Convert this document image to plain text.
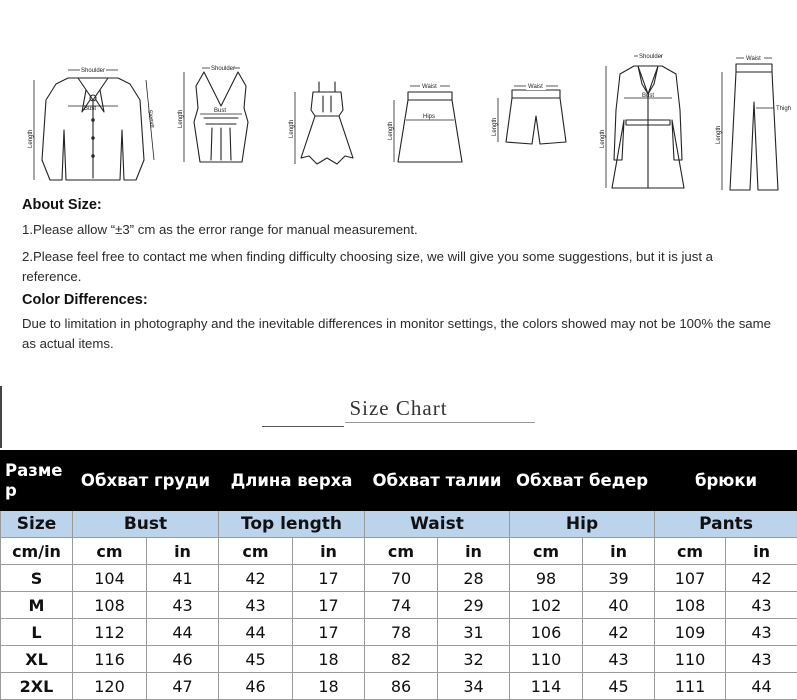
Shoulder
Length
Sleeve
Bust
Shoulder
Length	Bust
Length
Waist
Hips
Length
Waist
Length
Shoulder
Bust
Length
Waist
Length
Thigh
About Size:

1.Please allow “±3” cm as the error range for manual measurement.

2.Please feel free to contact me when finding difficulty choosing size, we will give you some suggestions, but it is just a reference.

Color Differences:

Due to limitation in photography and the inevitable differences in monitor settings, the colors showed may not be 100% the same as actual items.

Size Chart
Разме р	Обхват груди		Длина верха		Обхват талии		Обхват бедер		брюки	
Size	Bust		Top length		Waist		Hip		Pants	
cm/in	cm	in	cm	in	cm	in	cm	in	cm	in
S	104	41	42	17	70	28	98	39	107	42
M	108	43	43	17	74	29	102	40	108	43
L	112	44	44	17	78	31	106	42	109	43
XL	116	46	45	18	82	32	110	43	110	43
2XL	120	47	46	18	86	34	114	45	111	44
